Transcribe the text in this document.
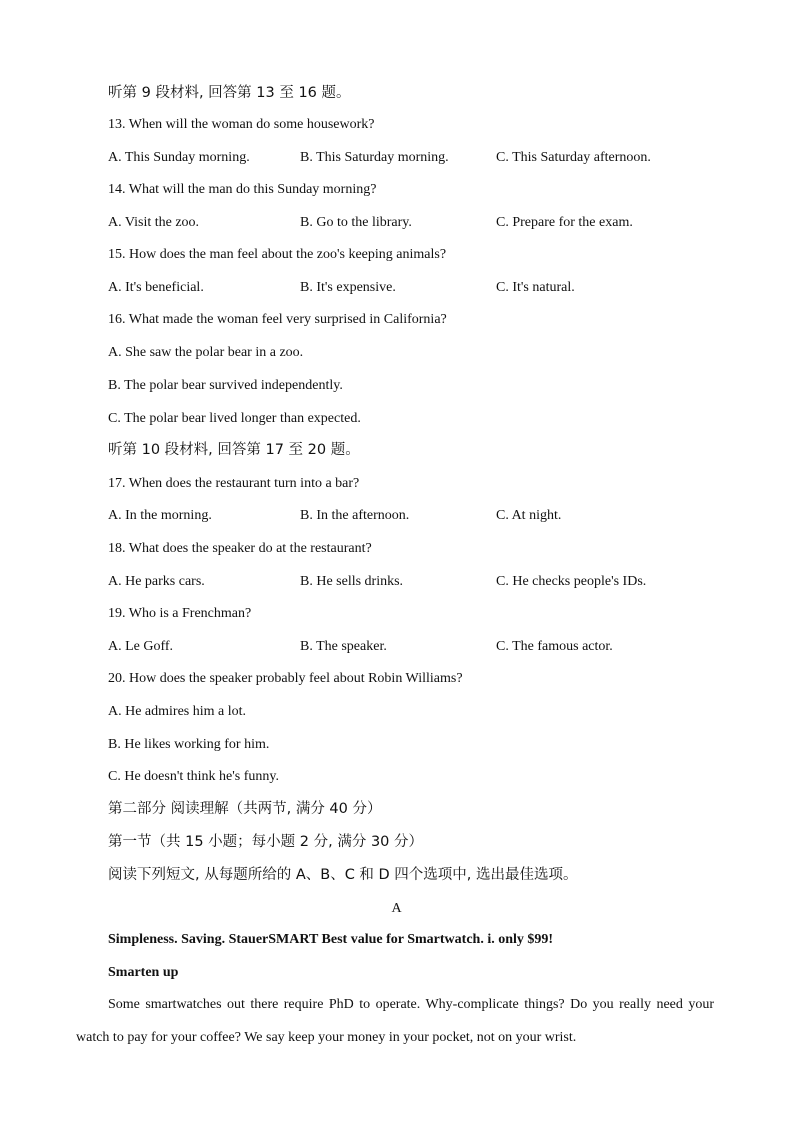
听第 9 段材料, 回答第 13 至 16 题。
13. When will the woman do some housework?
A. This Sunday morning.	B. This Saturday morning.	C. This Saturday afternoon.
14. What will the man do this Sunday morning?
A. Visit the zoo.	B. Go to the library.	C. Prepare for the exam.
15. How does the man feel about the zoo's keeping animals?
A. It's beneficial.	B. It's expensive.	C. It's natural.
16. What made the woman feel very surprised in California?
A. She saw the polar bear in a zoo.
B. The polar bear survived independently.
C. The polar bear lived longer than expected.
听第 10 段材料, 回答第 17 至 20 题。
17. When does the restaurant turn into a bar?
A. In the morning.	B. In the afternoon.	C. At night.
18. What does the speaker do at the restaurant?
A. He parks cars.	B. He sells drinks.	C. He checks people's IDs.
19. Who is a Frenchman?
A. Le Goff.	B. The speaker.	C. The famous actor.
20. How does the speaker probably feel about Robin Williams?
A. He admires him a lot.
B. He likes working for him.
C. He doesn't think he's funny.
第二部分 阅读理解（共两节, 满分 40 分）
第一节（共 15 小题；每小题 2 分, 满分 30 分）
阅读下列短文, 从每题所给的 A、B、C 和 D 四个选项中, 选出最佳选项。
A
Simpleness. Saving. StauerSMART Best value for Smartwatch. i. only $99!
Smarten up
Some smartwatches out there require PhD to operate. Why-complicate things? Do you really need your watch to pay for your coffee? We say keep your money in your pocket, not on your wrist.
